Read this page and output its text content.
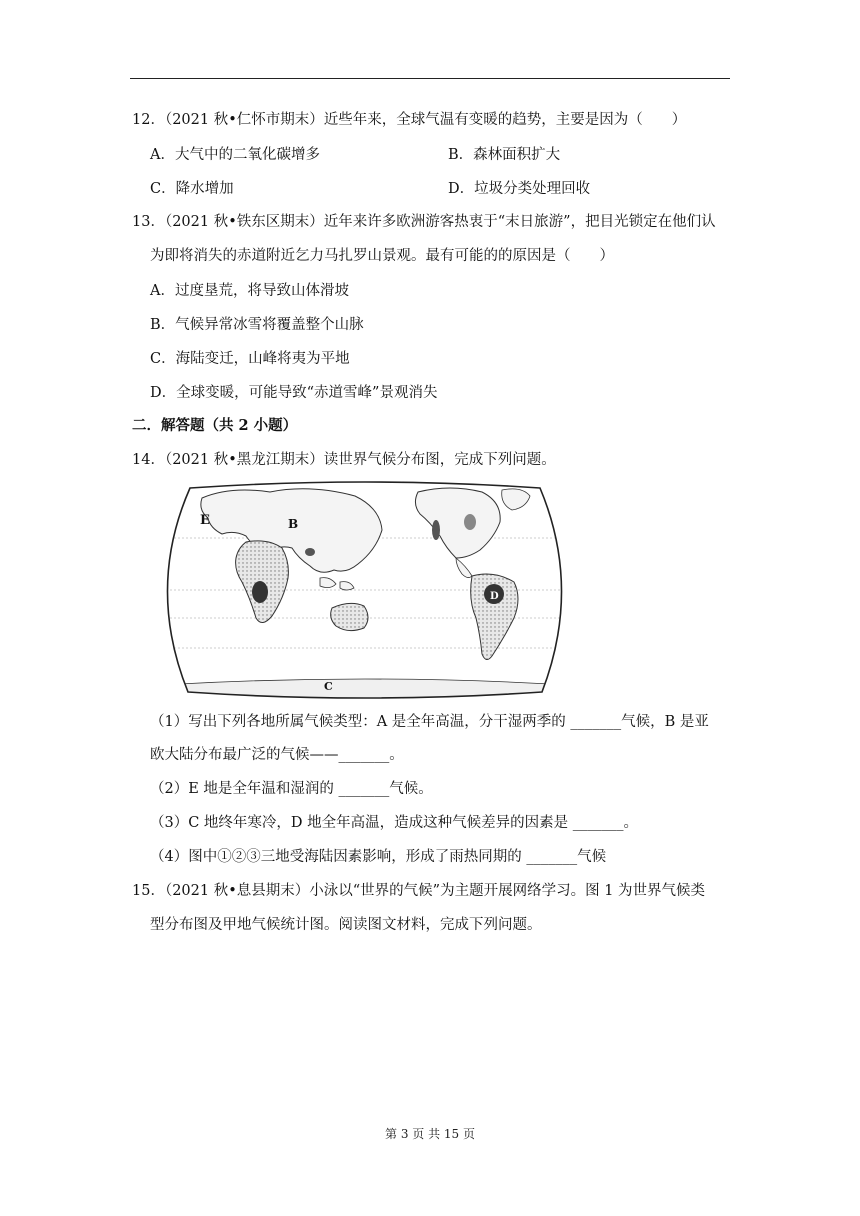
12．（2021 秋•仁怀市期末）近些年来，全球气温有变暖的趋势，主要是因为（　　）
A．大气中的二氧化碳增多	B．森林面积扩大
C．降水增加	D．垃圾分类处理回收
13．（2021 秋•铁东区期末）近年来许多欧洲游客热衷于“末日旅游”，把目光锁定在他们认
为即将消失的赤道附近乞力马扎罗山景观。最有可能的的原因是（　　）
A．过度垦荒，将导致山体滑坡
B．气候异常冰雪将覆盖整个山脉
C．海陆变迁，山峰将夷为平地
D．全球变暖，可能导致“赤道雪峰”景观消失
二．解答题（共 2 小题）
14．（2021 秋•黑龙江期末）读世界气候分布图，完成下列问题。
E	B
D
C
（1）写出下列各地所属气候类型：A 是全年高温，分干湿两季的 _______气候，B 是亚
欧大陆分布最广泛的气候——_______。
（2）E 地是全年温和湿润的 _______气候。
（3）C 地终年寒冷，D 地全年高温，造成这种气候差异的因素是 _______。
（4）图中①②③三地受海陆因素影响，形成了雨热同期的 _______气候
15．（2021 秋•息县期末）小泳以“世界的气候”为主题开展网络学习。图 1 为世界气候类
型分布图及甲地气候统计图。阅读图文材料，完成下列问题。
第 3 页 共 15 页
